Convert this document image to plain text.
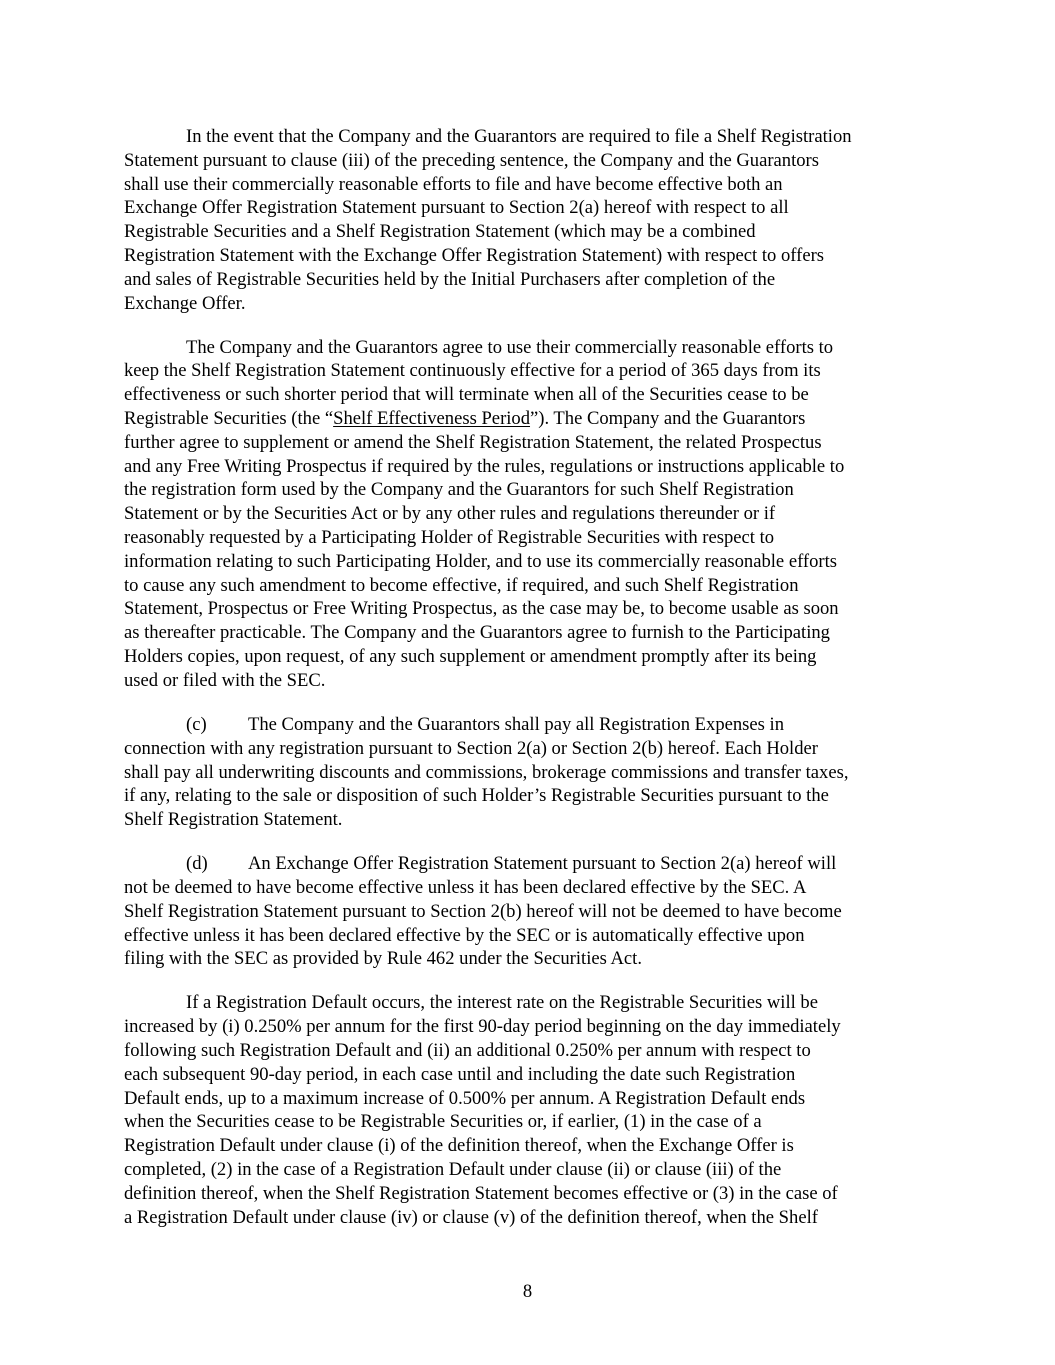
In the event that the Company and the Guarantors are required to file a Shelf Registration
Statement pursuant to clause (iii) of the preceding sentence, the Company and the Guarantors
shall use their commercially reasonable efforts to file and have become effective both an
Exchange Offer Registration Statement pursuant to Section 2(a) hereof with respect to all
Registrable Securities and a Shelf Registration Statement (which may be a combined
Registration Statement with the Exchange Offer Registration Statement) with respect to offers
and sales of Registrable Securities held by the Initial Purchasers after completion of the
Exchange Offer.

The Company and the Guarantors agree to use their commercially reasonable efforts to
keep the Shelf Registration Statement continuously effective for a period of 365 days from its
effectiveness or such shorter period that will terminate when all of the Securities cease to be
Registrable Securities (the “Shelf Effectiveness Period”). The Company and the Guarantors
further agree to supplement or amend the Shelf Registration Statement, the related Prospectus
and any Free Writing Prospectus if required by the rules, regulations or instructions applicable to
the registration form used by the Company and the Guarantors for such Shelf Registration
Statement or by the Securities Act or by any other rules and regulations thereunder or if
reasonably requested by a Participating Holder of Registrable Securities with respect to
information relating to such Participating Holder, and to use its commercially reasonable efforts
to cause any such amendment to become effective, if required, and such Shelf Registration
Statement, Prospectus or Free Writing Prospectus, as the case may be, to become usable as soon
as thereafter practicable. The Company and the Guarantors agree to furnish to the Participating
Holders copies, upon request, of any such supplement or amendment promptly after its being
used or filed with the SEC.

(c) The Company and the Guarantors shall pay all Registration Expenses in
connection with any registration pursuant to Section 2(a) or Section 2(b) hereof. Each Holder
shall pay all underwriting discounts and commissions, brokerage commissions and transfer taxes,
if any, relating to the sale or disposition of such Holder’s Registrable Securities pursuant to the
Shelf Registration Statement.

(d) An Exchange Offer Registration Statement pursuant to Section 2(a) hereof will
not be deemed to have become effective unless it has been declared effective by the SEC. A
Shelf Registration Statement pursuant to Section 2(b) hereof will not be deemed to have become
effective unless it has been declared effective by the SEC or is automatically effective upon
filing with the SEC as provided by Rule 462 under the Securities Act.

If a Registration Default occurs, the interest rate on the Registrable Securities will be
increased by (i) 0.250% per annum for the first 90-day period beginning on the day immediately
following such Registration Default and (ii) an additional 0.250% per annum with respect to
each subsequent 90-day period, in each case until and including the date such Registration
Default ends, up to a maximum increase of 0.500% per annum. A Registration Default ends
when the Securities cease to be Registrable Securities or, if earlier, (1) in the case of a
Registration Default under clause (i) of the definition thereof, when the Exchange Offer is
completed, (2) in the case of a Registration Default under clause (ii) or clause (iii) of the
definition thereof, when the Shelf Registration Statement becomes effective or (3) in the case of
a Registration Default under clause (iv) or clause (v) of the definition thereof, when the Shelf

8
